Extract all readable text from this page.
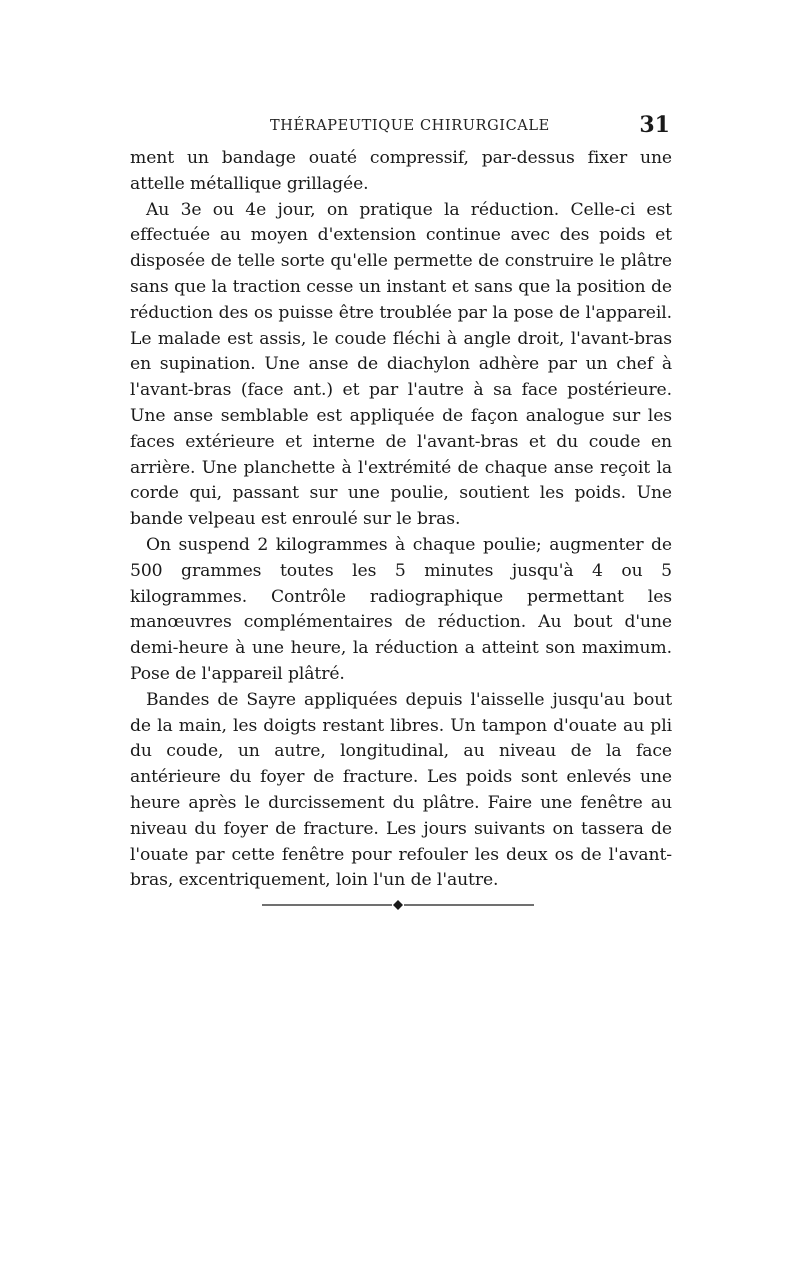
THÉRAPEUTIQUE CHIRURGICALE	31

ment un bandage ouaté compressif, par-dessus fixer une attelle métallique grillagée.

Au 3e ou 4e jour, on pratique la réduction. Celle-ci est effectuée au moyen d'extension continue avec des poids et disposée de telle sorte qu'elle permette de construire le plâtre sans que la traction cesse un instant et sans que la position de réduction des os puisse être troublée par la pose de l'appareil. Le malade est assis, le coude fléchi à angle droit, l'avant-bras en supination. Une anse de diachylon adhère par un chef à l'avant-bras (face ant.) et par l'autre à sa face postérieure. Une anse semblable est appliquée de façon analogue sur les faces extérieure et interne de l'avant-bras et du coude en arrière. Une planchette à l'extrémité de chaque anse reçoit la corde qui, passant sur une poulie, soutient les poids. Une bande velpeau est enroulé sur le bras.

On suspend 2 kilogrammes à chaque poulie; augmenter de 500 grammes toutes les 5 minutes jusqu'à 4 ou 5 kilogrammes. Contrôle radiographique permettant les manœuvres complémentaires de réduction. Au bout d'une demi-heure à une heure, la réduction a atteint son maximum. Pose de l'appareil plâtré.

Bandes de Sayre appliquées depuis l'aisselle jusqu'au bout de la main, les doigts restant libres. Un tampon d'ouate au pli du coude, un autre, longitudinal, au niveau de la face antérieure du foyer de fracture. Les poids sont enlevés une heure après le durcissement du plâtre. Faire une fenêtre au niveau du foyer de fracture. Les jours suivants on tassera de l'ouate par cette fenêtre pour refouler les deux os de l'avant-bras, excentriquement, loin l'un de l'autre.
